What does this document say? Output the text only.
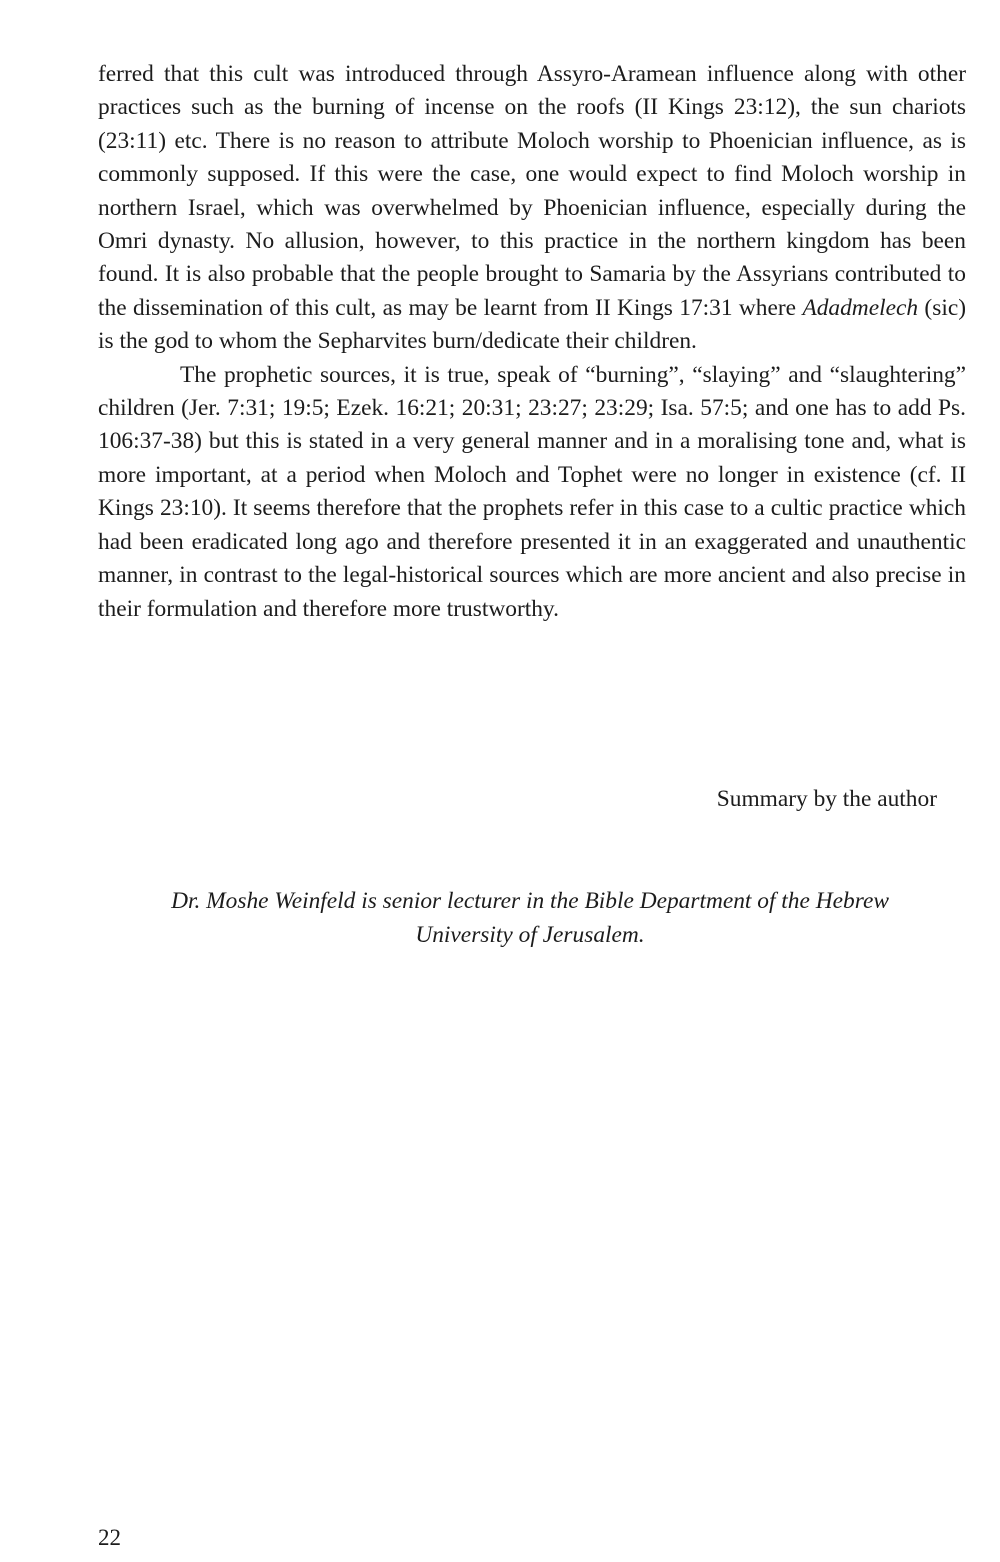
ferred that this cult was introduced through Assyro-Aramean influence along with other practices such as the burning of incense on the roofs (II Kings 23:12), the sun chariots (23:11) etc. There is no reason to attribute Moloch worship to Phoenician influence, as is commonly supposed. If this were the case, one would expect to find Moloch worship in northern Israel, which was overwhelmed by Phoenician influence, especially during the Omri dynasty. No allusion, however, to this practice in the northern kingdom has been found. It is also probable that the people brought to Samaria by the Assyrians contributed to the dissemination of this cult, as may be learnt from II Kings 17:31 where Adadmelech (sic) is the god to whom the Sepharvites burn/dedicate their children.

The prophetic sources, it is true, speak of “burning”, “slaying” and “slaughtering” children (Jer. 7:31; 19:5; Ezek. 16:21; 20:31; 23:27; 23:29; Isa. 57:5; and one has to add Ps. 106:37-38) but this is stated in a very general manner and in a moralising tone and, what is more important, at a period when Moloch and Tophet were no longer in existence (cf. II Kings 23:10). It seems therefore that the prophets refer in this case to a cultic practice which had been eradicated long ago and therefore presented it in an exaggerated and unauthentic manner, in contrast to the legal-historical sources which are more ancient and also precise in their formulation and therefore more trustworthy.

Summary by the author

Dr. Moshe Weinfeld is senior lecturer in the Bible Department of the Hebrew University of Jerusalem.

22
